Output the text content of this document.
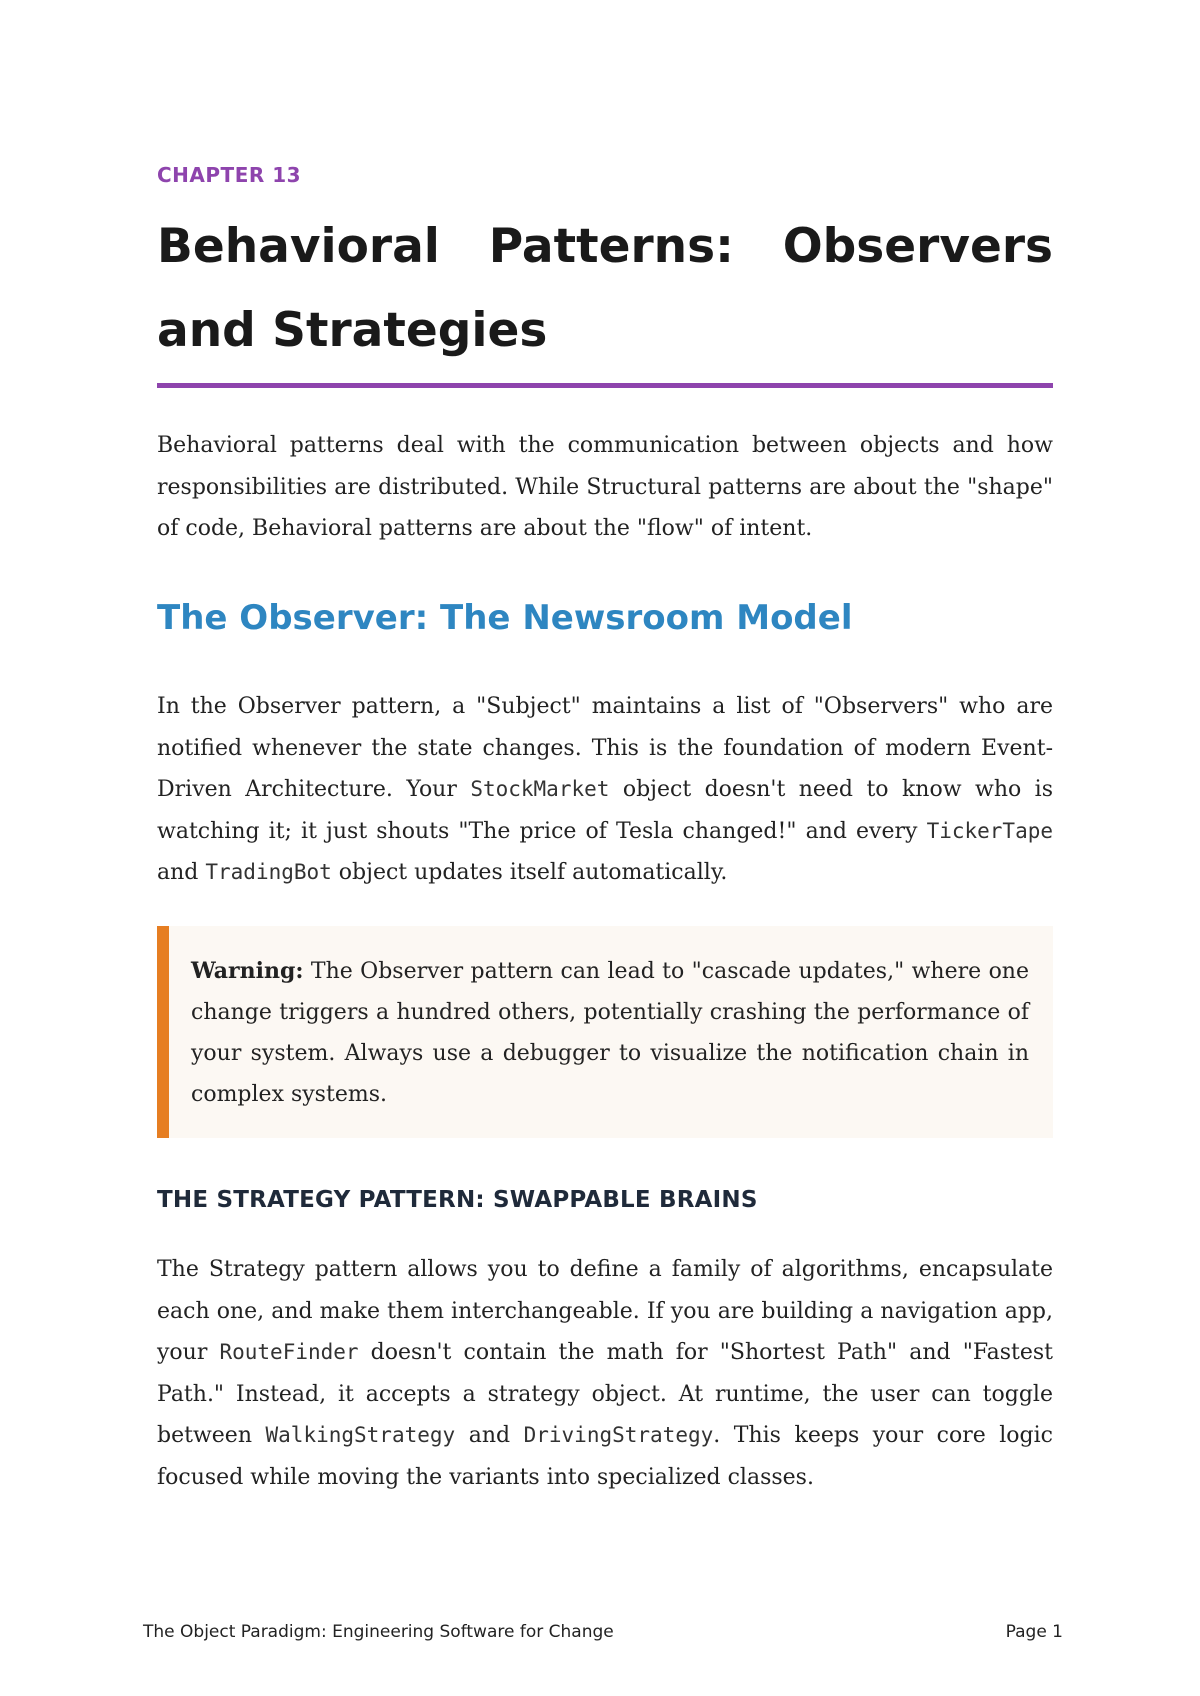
CHAPTER 13
Behavioral Patterns: Observers and Strategies

Behavioral patterns deal with the communication between objects and how responsibilities are distributed. While Structural patterns are about the "shape" of code, Behavioral patterns are about the "flow" of intent.

The Observer: The Newsroom Model

In the Observer pattern, a "Subject" maintains a list of "Observers" who are notified whenever the state changes. This is the foundation of modern Event-Driven Architecture. Your StockMarket object doesn't need to know who is watching it; it just shouts "The price of Tesla changed!" and every TickerTape and TradingBot object updates itself automatically.

Warning: The Observer pattern can lead to "cascade updates," where one change triggers a hundred others, potentially crashing the performance of your system. Always use a debugger to visualize the notification chain in complex systems.

THE STRATEGY PATTERN: SWAPPABLE BRAINS

The Strategy pattern allows you to define a family of algorithms, encapsulate each one, and make them interchangeable. If you are building a navigation app, your RouteFinder doesn't contain the math for "Shortest Path" and "Fastest Path." Instead, it accepts a strategy object. At runtime, the user can toggle between WalkingStrategy and DrivingStrategy. This keeps your core logic focused while moving the variants into specialized classes.

The Object Paradigm: Engineering Software for Change	Page 1
